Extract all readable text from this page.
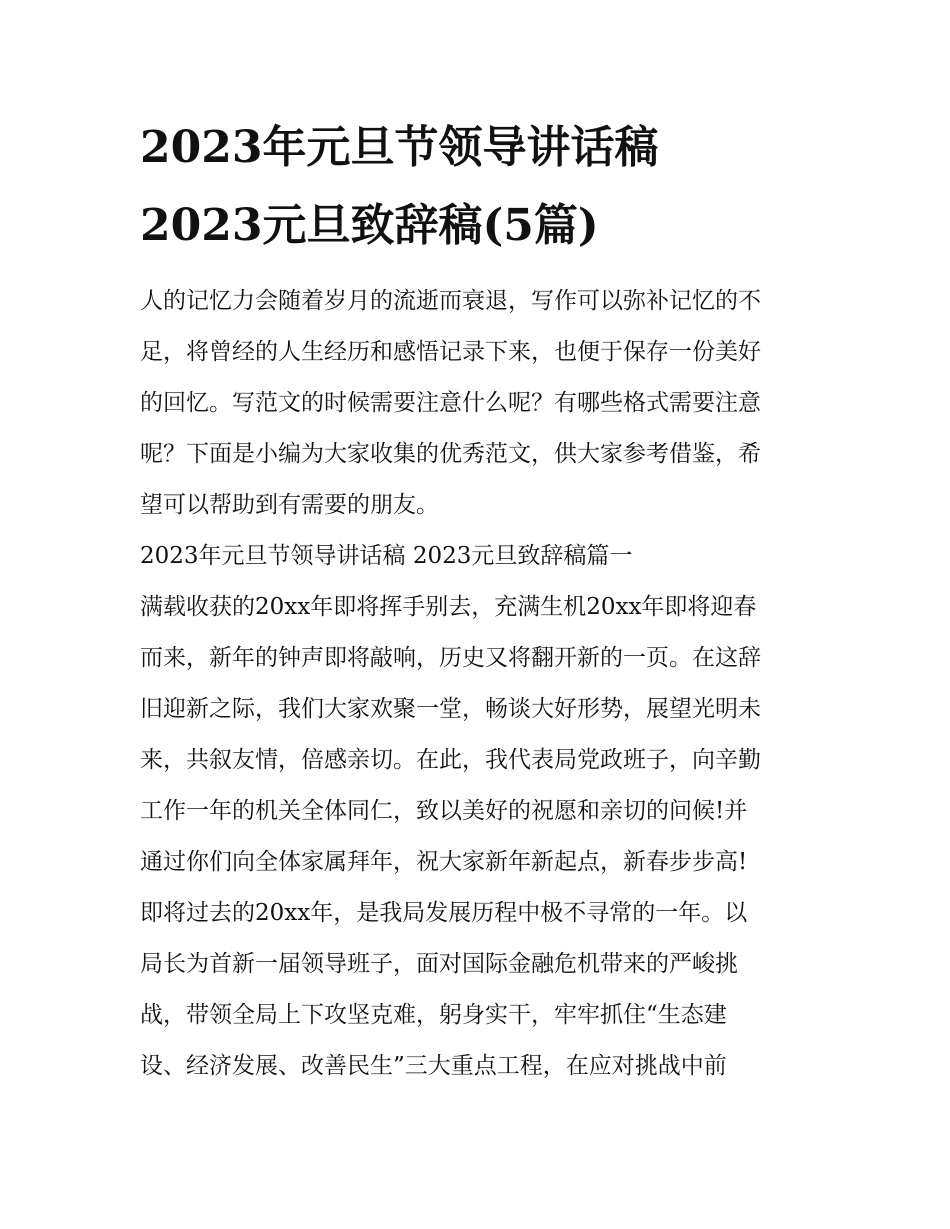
2023年元旦节领导讲话稿
2023元旦致辞稿(5篇)
人的记忆力会随着岁月的流逝而衰退，写作可以弥补记忆的不
足，将曾经的人生经历和感悟记录下来，也便于保存一份美好
的回忆。写范文的时候需要注意什么呢？有哪些格式需要注意
呢？下面是小编为大家收集的优秀范文，供大家参考借鉴，希
望可以帮助到有需要的朋友。
2023年元旦节领导讲话稿 2023元旦致辞稿篇一
满载收获的20xx年即将挥手别去，充满生机20xx年即将迎春
而来，新年的钟声即将敲响，历史又将翻开新的一页。在这辞
旧迎新之际，我们大家欢聚一堂，畅谈大好形势，展望光明未
来，共叙友情，倍感亲切。在此，我代表局党政班子，向辛勤
工作一年的机关全体同仁，致以美好的祝愿和亲切的问候!并
通过你们向全体家属拜年，祝大家新年新起点，新春步步高!
即将过去的20xx年，是我局发展历程中极不寻常的一年。以
局长为首新一届领导班子，面对国际金融危机带来的严峻挑
战，带领全局上下攻坚克难，躬身实干，牢牢抓住“生态建
设、经济发展、改善民生”三大重点工程，在应对挑战中前
